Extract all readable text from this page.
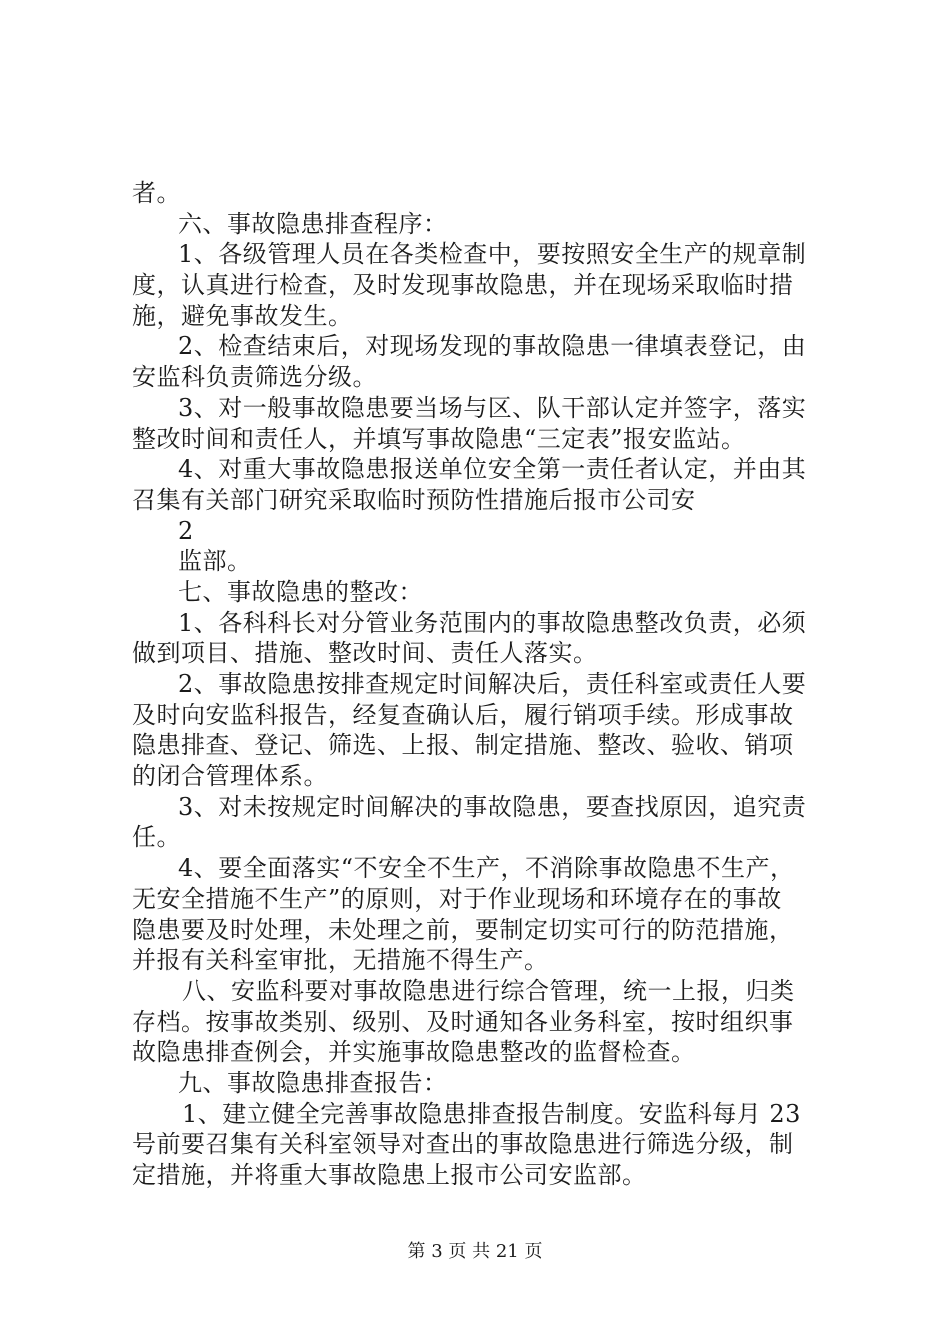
者。
六、事故隐患排查程序：
1、各级管理人员在各类检查中，要按照安全生产的规章制
度，认真进行检查，及时发现事故隐患，并在现场采取临时措
施，避免事故发生。
2、检查结束后，对现场发现的事故隐患一律填表登记，由
安监科负责筛选分级。
3、对一般事故隐患要当场与区、队干部认定并签字，落实
整改时间和责任人，并填写事故隐患“三定表”报安监站。
4、对重大事故隐患报送单位安全第一责任者认定，并由其
召集有关部门研究采取临时预防性措施后报市公司安
2
监部。
七、事故隐患的整改：
1、各科科长对分管业务范围内的事故隐患整改负责，必须
做到项目、措施、整改时间、责任人落实。
2、事故隐患按排查规定时间解决后，责任科室或责任人要
及时向安监科报告，经复查确认后，履行销项手续。形成事故
隐患排查、登记、筛选、上报、制定措施、整改、验收、销项
的闭合管理体系。
3、对未按规定时间解决的事故隐患，要查找原因，追究责
任。
4、要全面落实“不安全不生产，不消除事故隐患不生产，
无安全措施不生产”的原则，对于作业现场和环境存在的事故
隐患要及时处理，未处理之前，要制定切实可行的防范措施，
并报有关科室审批，无措施不得生产。
八、安监科要对事故隐患进行综合管理，统一上报，归类
存档。按事故类别、级别、及时通知各业务科室，按时组织事
故隐患排查例会，并实施事故隐患整改的监督检查。
九、事故隐患排查报告：
1、建立健全完善事故隐患排查报告制度。安监科每月 23
号前要召集有关科室领导对查出的事故隐患进行筛选分级，制
定措施，并将重大事故隐患上报市公司安监部。
第 3 页 共 21 页
